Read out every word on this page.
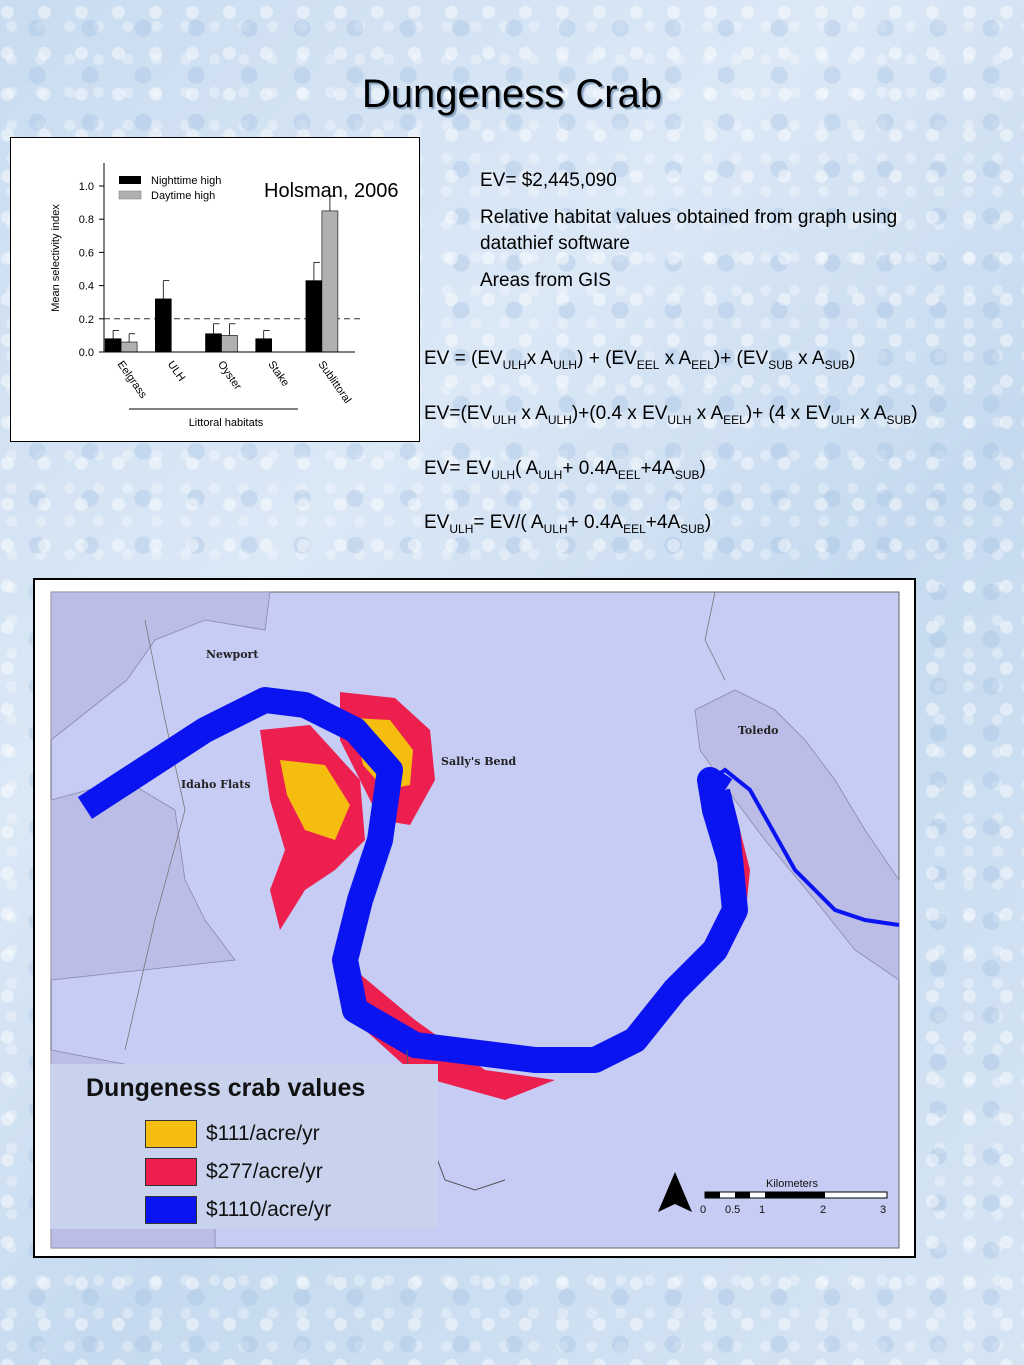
Dungeness Crab
0.0
0.2
0.4
0.6
0.8
1.0
Eelgrass ULH	Oyster Stake Sublittoral
Littoral habitats
Mean selectivity index
Nighttime high
Daytime high Holsman, 2006	EV= $2,445,090

Relative habitat values obtained from graph using datathief software

Areas from GIS

EV = ($EV_{ULH}x$ $A_{ULH}) + (EV_{EEL}$ x $A_{EEL})+ (EV_{SUB}$ x $A_{SUB}$)
$EV=(EV_{ULH}$ x $A_{ULH})+(0.4$ x $EV_{ULH}$ x $A_{EEL})+ (4$ x $EV_{ULH}$ x $A_{SUB}$)
$EV= EV_{ULH}$( $A_{ULH}+ 0.4A_{EEL}+4A_{SUB}$)
$EV_{ULH}= EV/$( $A_{ULH}+ 0.4A_{EEL}+4A_{SUB}$)
Newport
Idaho Flats
Sally's Bend
Toledo
Dungeness crab values
$111/acre/yr
$277/acre/yr
$1110/acre/yr
Kilometers
0 0.5 1	2	3
